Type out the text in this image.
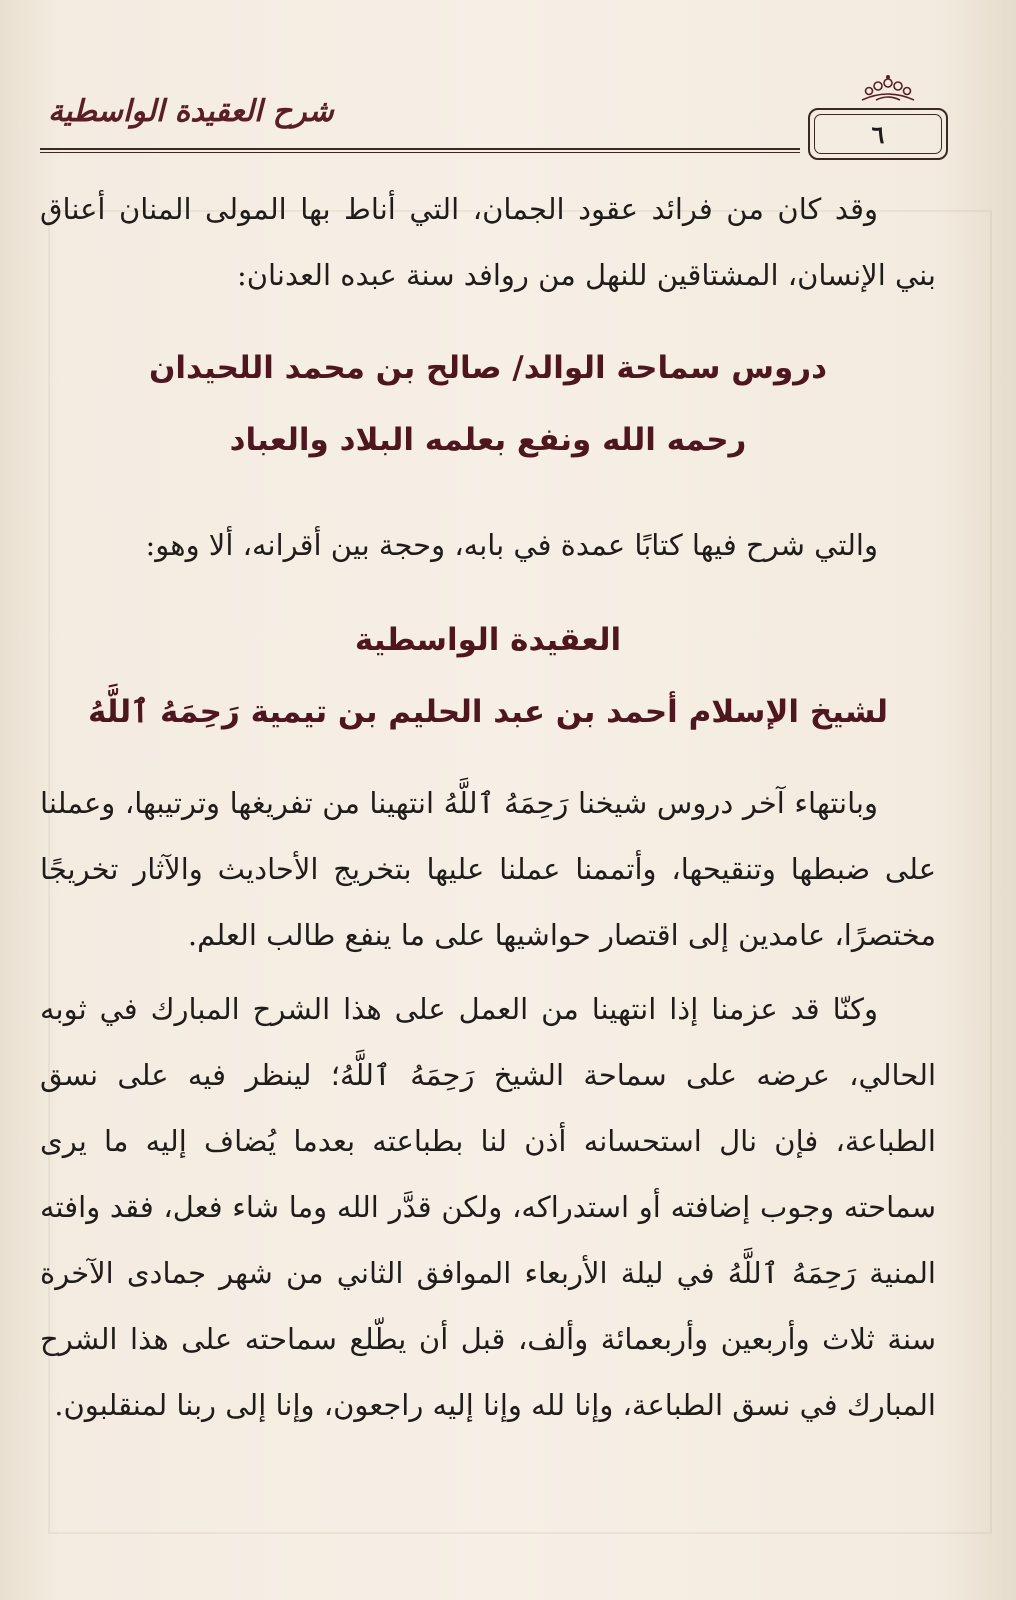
شرح العقيدة الواسطية
٦

وقد كان من فرائد عقود الجمان، التي أناط بها المولى المنان أعناق بني الإنسان، المشتاقين للنهل من روافد سنة عبده العدنان:

دروس سماحة الوالد/ صالح بن محمد اللحيدان
رحمه الله ونفع بعلمه البلاد والعباد

والتي شرح فيها كتابًا عمدة في بابه، وحجة بين أقرانه، ألا وهو:

العقيدة الواسطية
لشيخ الإسلام أحمد بن عبد الحليم بن تيمية رَحِمَهُ ٱللَّهُ

وبانتهاء آخر دروس شيخنا رَحِمَهُ ٱللَّهُ انتهينا من تفريغها وترتيبها، وعملنا على ضبطها وتنقيحها، وأتممنا عملنا عليها بتخريج الأحاديث والآثار تخريجًا مختصرًا، عامدين إلى اقتصار حواشيها على ما ينفع طالب العلم.

وكنّا قد عزمنا إذا انتهينا من العمل على هذا الشرح المبارك في ثوبه الحالي، عرضه على سماحة الشيخ رَحِمَهُ ٱللَّهُ؛ لينظر فيه على نسق الطباعة، فإن نال استحسانه أذن لنا بطباعته بعدما يُضاف إليه ما يرى سماحته وجوب إضافته أو استدراكه، ولكن قدَّر الله وما شاء فعل، فقد وافته المنية رَحِمَهُ ٱللَّهُ في ليلة الأربعاء الموافق الثاني من شهر جمادى الآخرة سنة ثلاث وأربعين وأربعمائة وألف، قبل أن يطّلع سماحته على هذا الشرح المبارك في نسق الطباعة، وإنا لله وإنا إليه راجعون، وإنا إلى ربنا لمنقلبون.
